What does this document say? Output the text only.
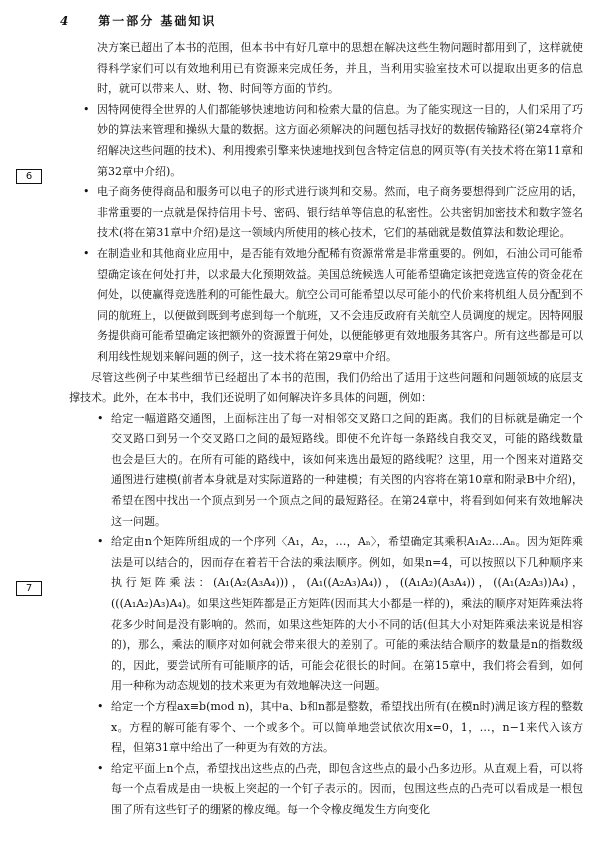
4 第一部分 基础知识
6
7

决方案已超出了本书的范围，但本书中有好几章中的思想在解决这些生物问题时都用到了，这样就使得科学家们可以有效地利用已有资源来完成任务，并且，当利用实验室技术可以提取出更多的信息时，就可以带来人、财、物、时间等方面的节约。

• 因特网使得全世界的人们都能够快速地访问和检索大量的信息。为了能实现这一目的，人们采用了巧妙的算法来管理和操纵大量的数据。这方面必须解决的问题包括寻找好的数据传输路径(第24章将介绍解决这些问题的技术)、利用搜索引擎来快速地找到包含特定信息的网页等(有关技术将在第11章和第32章中介绍)。

• 电子商务使得商品和服务可以电子的形式进行谈判和交易。然而，电子商务要想得到广泛应用的话，非常重要的一点就是保持信用卡号、密码、银行结单等信息的私密性。公共密钥加密技术和数字签名技术(将在第31章中介绍)是这一领域内所使用的核心技术，它们的基础就是数值算法和数论理论。

• 在制造业和其他商业应用中，是否能有效地分配稀有资源常常是非常重要的。例如，石油公司可能希望确定该在何处打井，以求最大化预期效益。美国总统候选人可能希望确定该把竞选宣传的资金花在何处，以使赢得竞选胜利的可能性最大。航空公司可能希望以尽可能小的代价来将机组人员分配到不同的航班上，以便做到既到考虑到每一个航班，又不会违反政府有关航空人员调度的规定。因特网服务提供商可能希望确定该把额外的资源置于何处，以便能够更有效地服务其客户。所有这些都是可以利用线性规划来解问题的例子，这一技术将在第29章中介绍。

尽管这些例子中某些细节已经超出了本书的范围，我们仍给出了适用于这些问题和问题领域的底层支撑技术。此外，在本书中，我们还说明了如何解决许多具体的问题，例如：

• 给定一幅道路交通图，上面标注出了每一对相邻交叉路口之间的距离。我们的目标就是确定一个交叉路口到另一个交叉路口之间的最短路线。即使不允许每一条路线自我交叉，可能的路线数量也会是巨大的。在所有可能的路线中，该如何来选出最短的路线呢？这里，用一个图来对道路交通图进行建模(前者本身就是对实际道路的一种建模；有关图的内容将在第10章和附录B中介绍)，希望在图中找出一个顶点到另一个顶点之间的最短路径。在第24章中，将看到如何来有效地解决这一问题。

• 给定由n个矩阵所组成的一个序列〈A₁，A₂，…，Aₙ〉，希望确定其乘积A₁A₂…Aₙ。因为矩阵乘法是可以结合的，因而存在着若干合法的乘法顺序。例如，如果n=4，可以按照以下几种顺序来执行矩阵乘法：(A₁(A₂(A₃A₄)))，(A₁((A₂A₃)A₄))，((A₁A₂)(A₃A₄))，((A₁(A₂A₃))A₄)，(((A₁A₂)A₃)A₄)。如果这些矩阵都是正方矩阵(因而其大小都是一样的)，乘法的顺序对矩阵乘法将花多少时间是没有影响的。然而，如果这些矩阵的大小不同的话(但其大小对矩阵乘法来说是相容的)，那么，乘法的顺序对如何就会带来很大的差别了。可能的乘法结合顺序的数量是n的指数级的，因此，要尝试所有可能顺序的话，可能会花很长的时间。在第15章中，我们将会看到，如何用一种称为动态规划的技术来更为有效地解决这一问题。

• 给定一个方程ax≡b(mod n)，其中a、b和n都是整数，希望找出所有(在模n时)满足该方程的整数x。方程的解可能有零个、一个或多个。可以简单地尝试依次用x=0，1，…，n−1来代入该方程，但第31章中给出了一种更为有效的方法。

• 给定平面上n个点，希望找出这些点的凸壳，即包含这些点的最小凸多边形。从直观上看，可以将每一个点看成是由一块板上突起的一个钉子表示的。因而，包围这些点的凸壳可以看成是一根包围了所有这些钉子的绷紧的橡皮绳。每一个令橡皮绳发生方向变化
